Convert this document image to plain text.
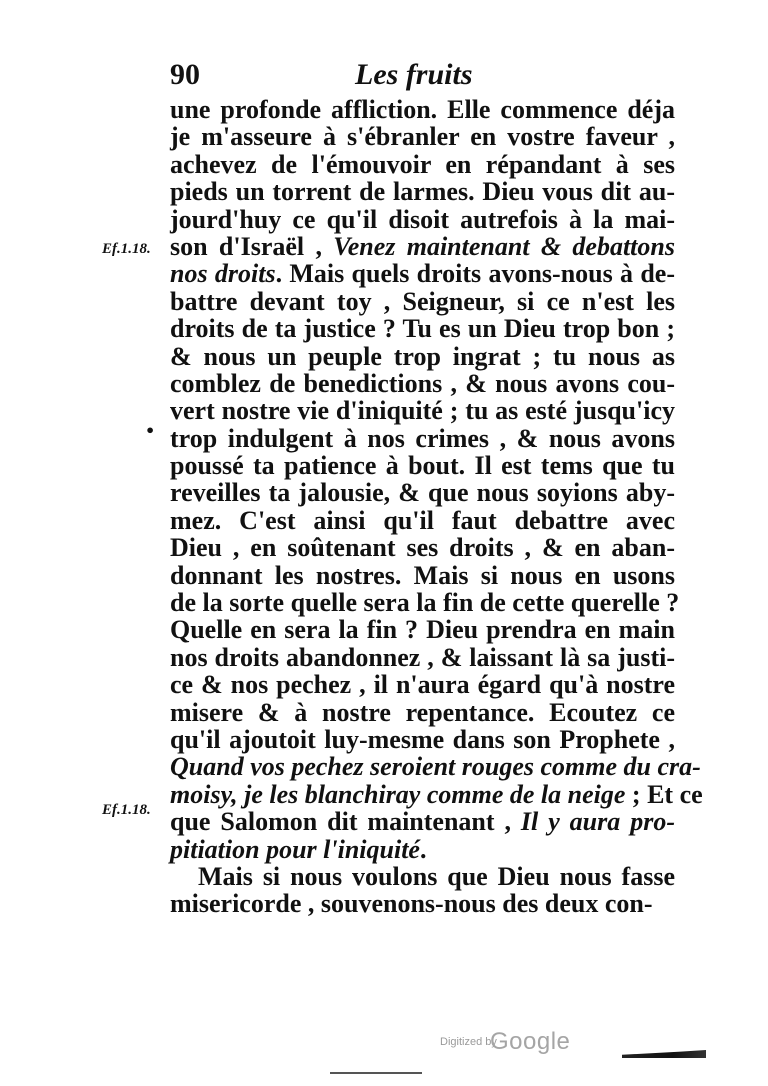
90	Les fruits
Ef.1.18.
•
Ef.1.18.
une profonde affliction. Elle commence déja
je m'asseure à s'ébranler en vostre faveur ,
achevez de l'émouvoir en répandant à ses
pieds un torrent de larmes. Dieu vous dit au-
jourd'huy ce qu'il disoit autrefois à la mai-
son d'Israël , Venez maintenant & debattons
nos droits. Mais quels droits avons-nous à de-
battre devant toy , Seigneur, si ce n'est les
droits de ta justice ? Tu es un Dieu trop bon ;
& nous un peuple trop ingrat ; tu nous as
comblez de benedictions , & nous avons cou-
vert nostre vie d'iniquité ; tu as esté jusqu'icy
trop indulgent à nos crimes , & nous avons
poussé ta patience à bout. Il est tems que tu
reveilles ta jalousie, & que nous soyions aby-
mez. C'est ainsi qu'il faut debattre avec
Dieu , en soûtenant ses droits , & en aban-
donnant les nostres. Mais si nous en usons
de la sorte quelle sera la fin de cette querelle ?
Quelle en sera la fin ? Dieu prendra en main
nos droits abandonnez , & laissant là sa justi-
ce & nos pechez , il n'aura égard qu'à nostre
misere & à nostre repentance. Ecoutez ce
qu'il ajoutoit luy-mesme dans son Prophete ,
Quand vos pechez seroient rouges comme du cra-
moisy, je les blanchiray comme de la neige ; Et ce
que Salomon dit maintenant , Il y aura pro-
pitiation pour l'iniquité.
Mais si nous voulons que Dieu nous fasse
misericorde , souvenons-nous des deux con-
Digitized by
Google
